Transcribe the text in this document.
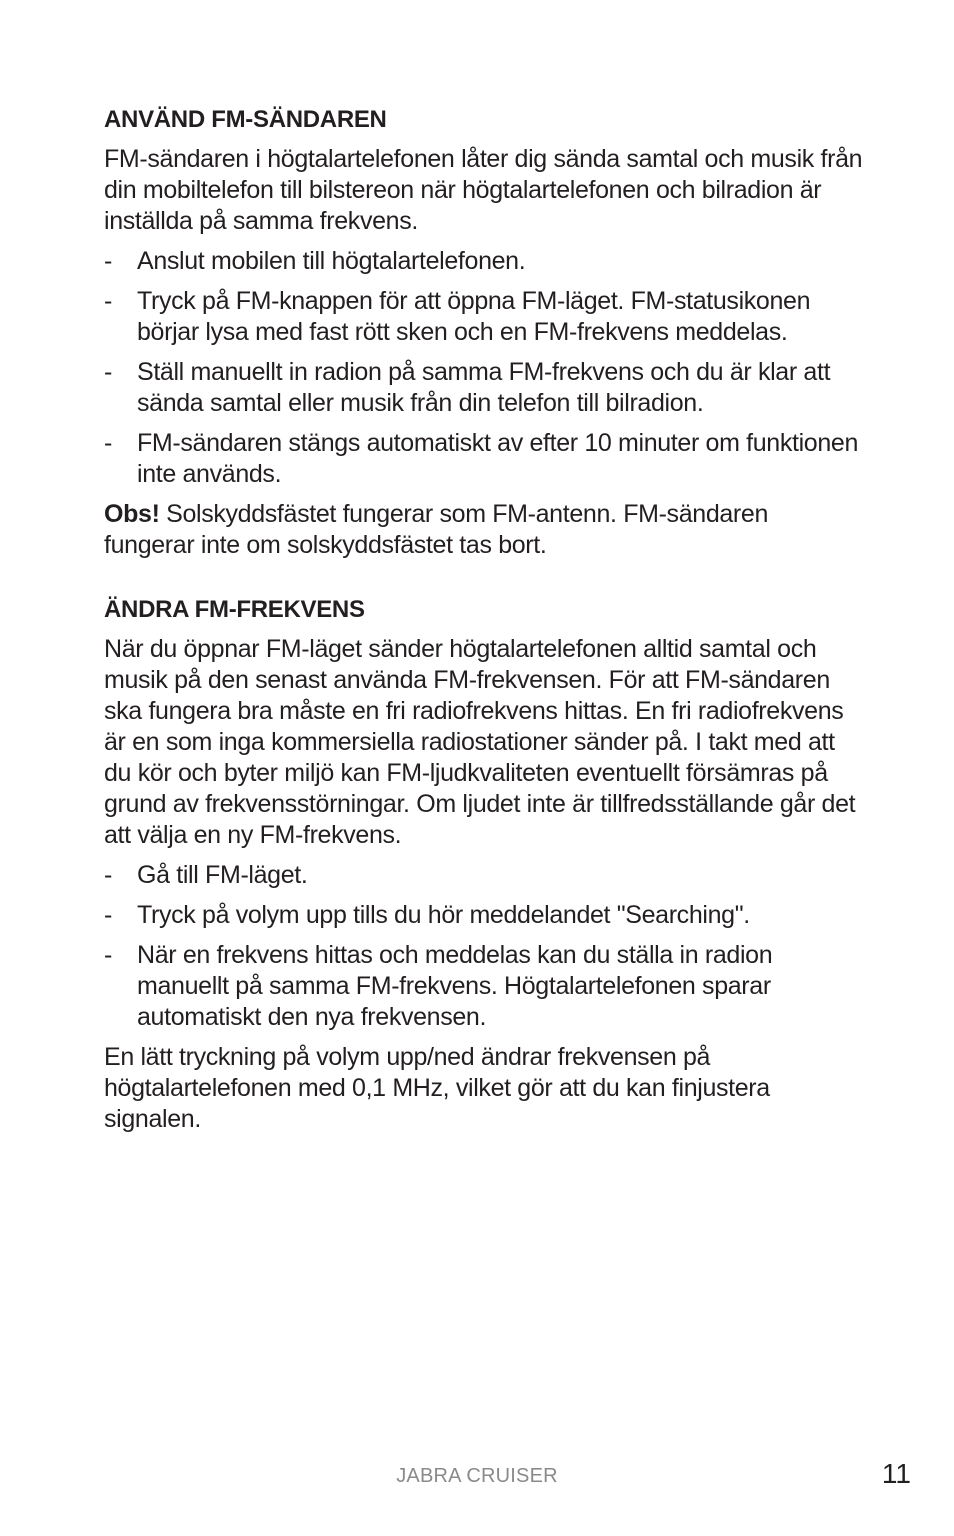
ANVÄND FM-SÄNDAREN

FM-sändaren i högtalartelefonen låter dig sända samtal och musik från din mobiltelefon till bilstereon när högtalartelefonen och bilradion är inställda på samma frekvens.

- Anslut mobilen till högtalartelefonen.
- Tryck på FM-knappen för att öppna FM-läget. FM-statusikonen börjar lysa med fast rött sken och en FM-frekvens meddelas.
- Ställ manuellt in radion på samma FM-frekvens och du är klar att sända samtal eller musik från din telefon till bilradion.
- FM-sändaren stängs automatiskt av efter 10 minuter om funktionen inte används.

Obs! Solskyddsfästet fungerar som FM-antenn. FM-sändaren fungerar inte om solskyddsfästet tas bort.

ÄNDRA FM-FREKVENS

När du öppnar FM-läget sänder högtalartelefonen alltid samtal och musik på den senast använda FM-frekvensen. För att FM-sändaren ska fungera bra måste en fri radiofrekvens hittas. En fri radiofrekvens är en som inga kommersiella radiostationer sänder på. I takt med att du kör och byter miljö kan FM-ljudkvaliteten eventuellt försämras på grund av frekvensstörningar. Om ljudet inte är tillfredsställande går det att välja en ny FM-frekvens.

- Gå till FM-läget.
- Tryck på volym upp tills du hör meddelandet "Searching".
- När en frekvens hittas och meddelas kan du ställa in radion manuellt på samma FM-frekvens. Högtalartelefonen sparar automatiskt den nya frekvensen.

En lätt tryckning på volym upp/ned ändrar frekvensen på högtalartelefonen med 0,1 MHz, vilket gör att du kan finjustera signalen.

JABRA CRUISER	11
